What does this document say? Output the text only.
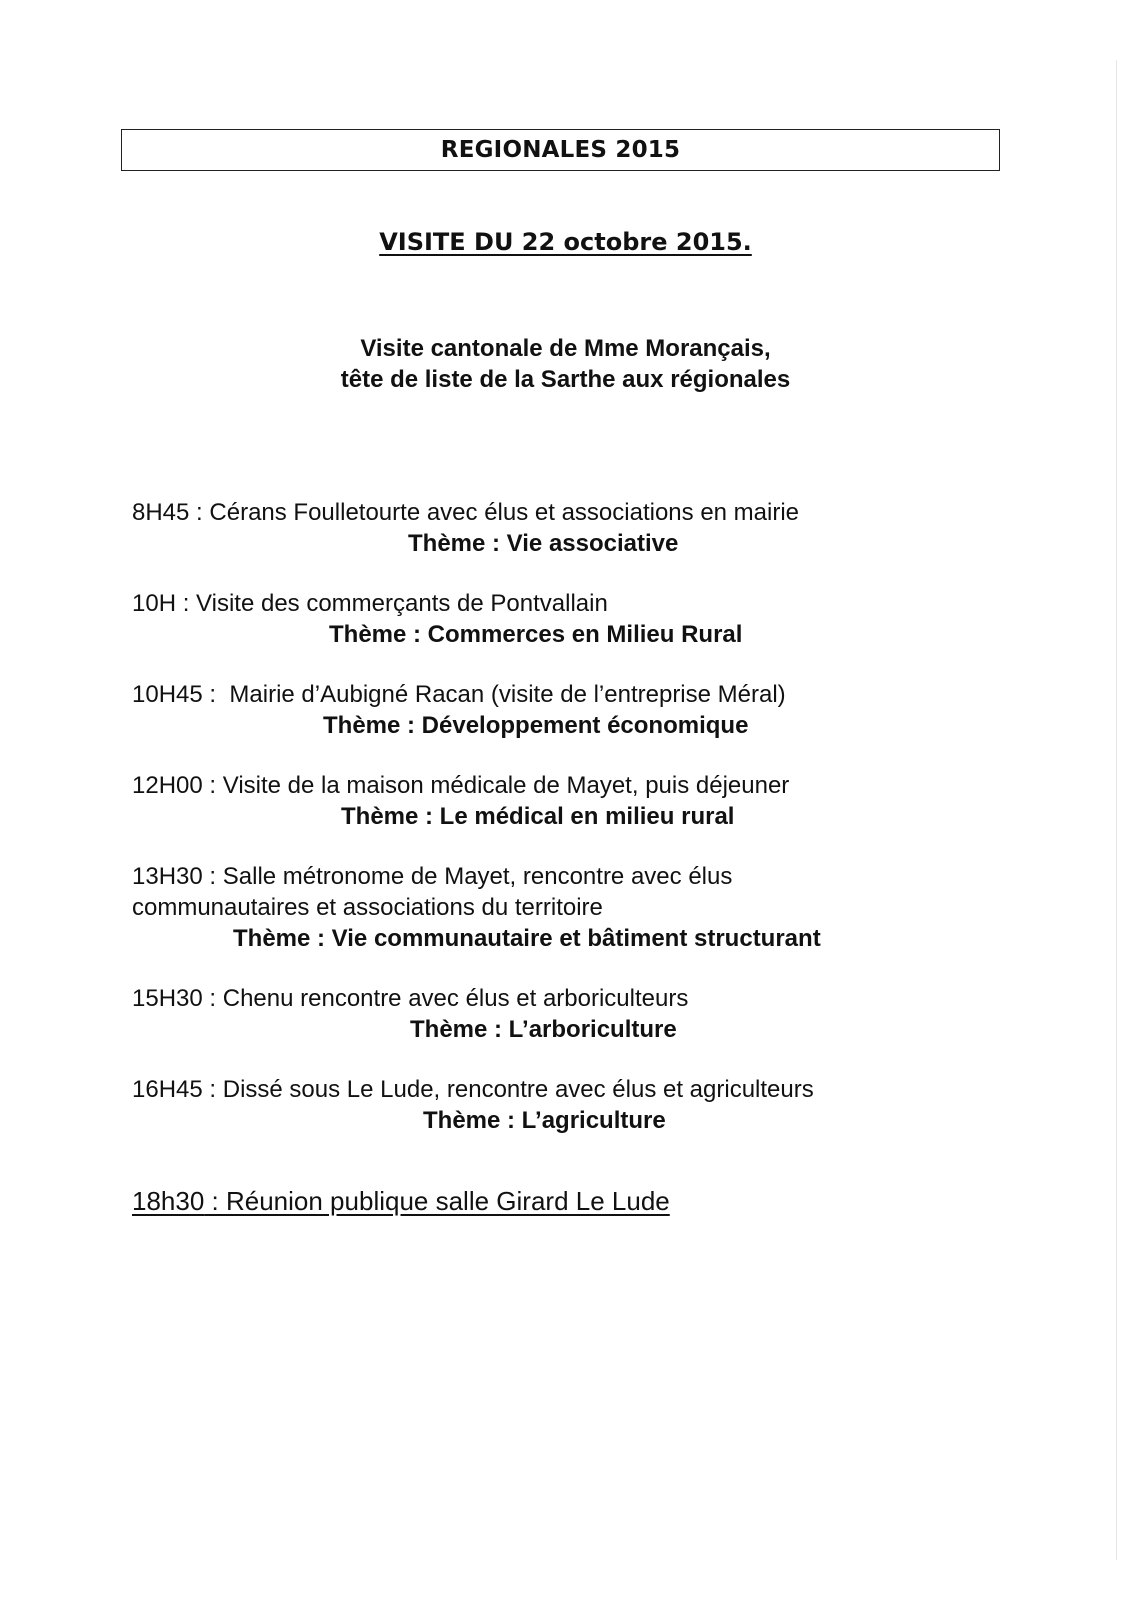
REGIONALES 2015
VISITE DU 22 octobre 2015.
Visite cantonale de Mme Morançais,
tête de liste de la Sarthe aux régionales
8H45 : Cérans Foulletourte avec élus et associations en mairie
Thème : Vie associative
10H : Visite des commerçants de Pontvallain
Thème : Commerces en Milieu Rural
10H45 :  Mairie d’Aubigné Racan (visite de l’entreprise Méral)
Thème : Développement économique
12H00 : Visite de la maison médicale de Mayet, puis déjeuner
Thème : Le médical en milieu rural
13H30 : Salle métronome de Mayet, rencontre avec élus
communautaires et associations du territoire
Thème : Vie communautaire et bâtiment structurant
15H30 : Chenu rencontre avec élus et arboriculteurs
Thème : L’arboriculture
16H45 : Dissé sous Le Lude, rencontre avec élus et agriculteurs
Thème : L’agriculture
18h30 : Réunion publique salle Girard Le Lude
